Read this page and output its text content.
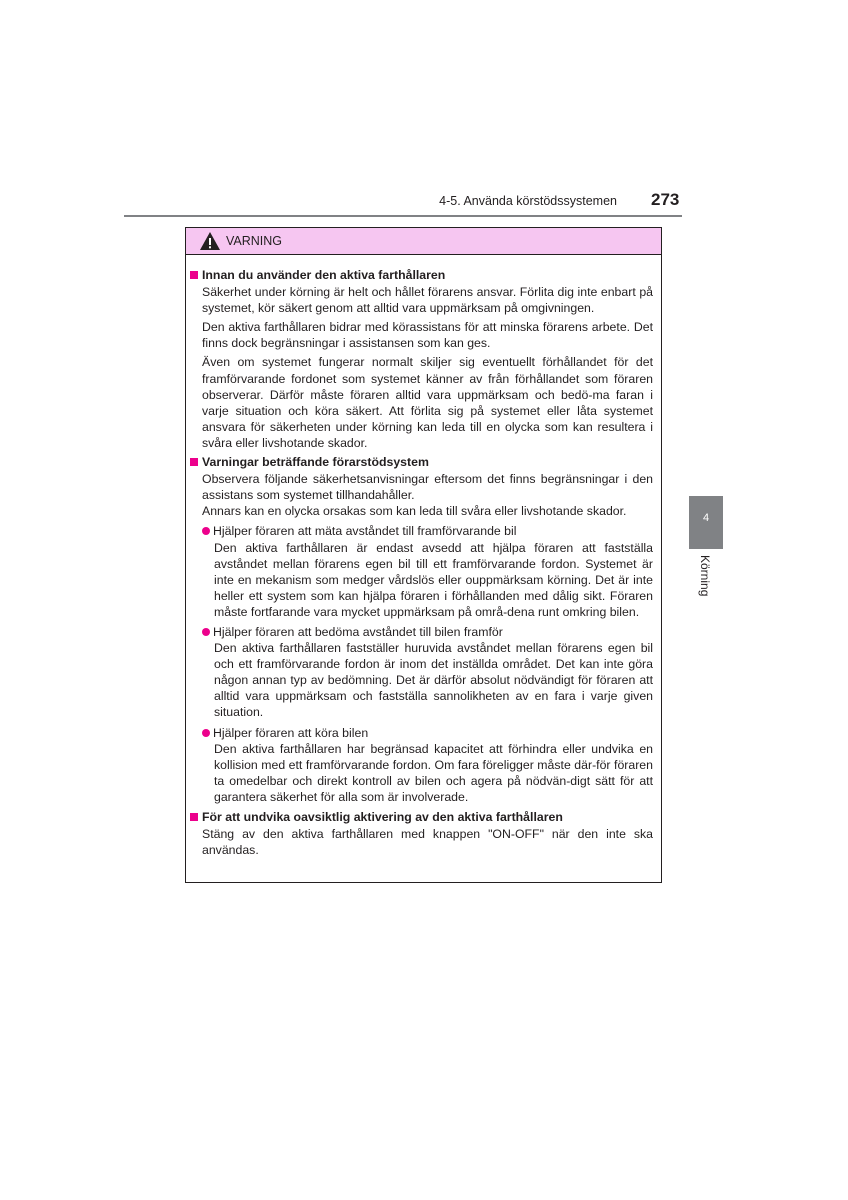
4-5. Använda körstödssystemen 273
VARNING
Innan du använder den aktiva farthållaren
Säkerhet under körning är helt och hållet förarens ansvar. Förlita dig inte enbart på systemet, kör säkert genom att alltid vara uppmärksam på omgivningen.
Den aktiva farthållaren bidrar med körassistans för att minska förarens arbete. Det finns dock begränsningar i assistansen som kan ges.
Även om systemet fungerar normalt skiljer sig eventuellt förhållandet för det framförvarande fordonet som systemet känner av från förhållandet som föraren observerar. Därför måste föraren alltid vara uppmärksam och bedö-ma faran i varje situation och köra säkert. Att förlita sig på systemet eller låta systemet ansvara för säkerheten under körning kan leda till en olycka som kan resultera i svåra eller livshotande skador.
Varningar beträffande förarstödsystem
Observera följande säkerhetsanvisningar eftersom det finns begränsningar i den assistans som systemet tillhandahåller.
Annars kan en olycka orsakas som kan leda till svåra eller livshotande skador.
Hjälper föraren att mäta avståndet till framförvarande bil
Den aktiva farthållaren är endast avsedd att hjälpa föraren att fastställa avståndet mellan förarens egen bil till ett framförvarande fordon. Systemet är inte en mekanism som medger vårdslös eller ouppmärksam körning. Det är inte heller ett system som kan hjälpa föraren i förhållanden med dålig sikt. Föraren måste fortfarande vara mycket uppmärksam på områ-dena runt omkring bilen.
Hjälper föraren att bedöma avståndet till bilen framför
Den aktiva farthållaren fastställer huruvida avståndet mellan förarens egen bil och ett framförvarande fordon är inom det inställda området. Det kan inte göra någon annan typ av bedömning. Det är därför absolut nödvändigt för föraren att alltid vara uppmärksam och fastställa sannolikheten av en fara i varje given situation.
Hjälper föraren att köra bilen
Den aktiva farthållaren har begränsad kapacitet att förhindra eller undvika en kollision med ett framförvarande fordon. Om fara föreligger måste där-för föraren ta omedelbar och direkt kontroll av bilen och agera på nödvän-digt sätt för att garantera säkerhet för alla som är involverade.
För att undvika oavsiktlig aktivering av den aktiva farthållaren
Stäng av den aktiva farthållaren med knappen "ON-OFF" när den inte ska användas.
4
Körning
